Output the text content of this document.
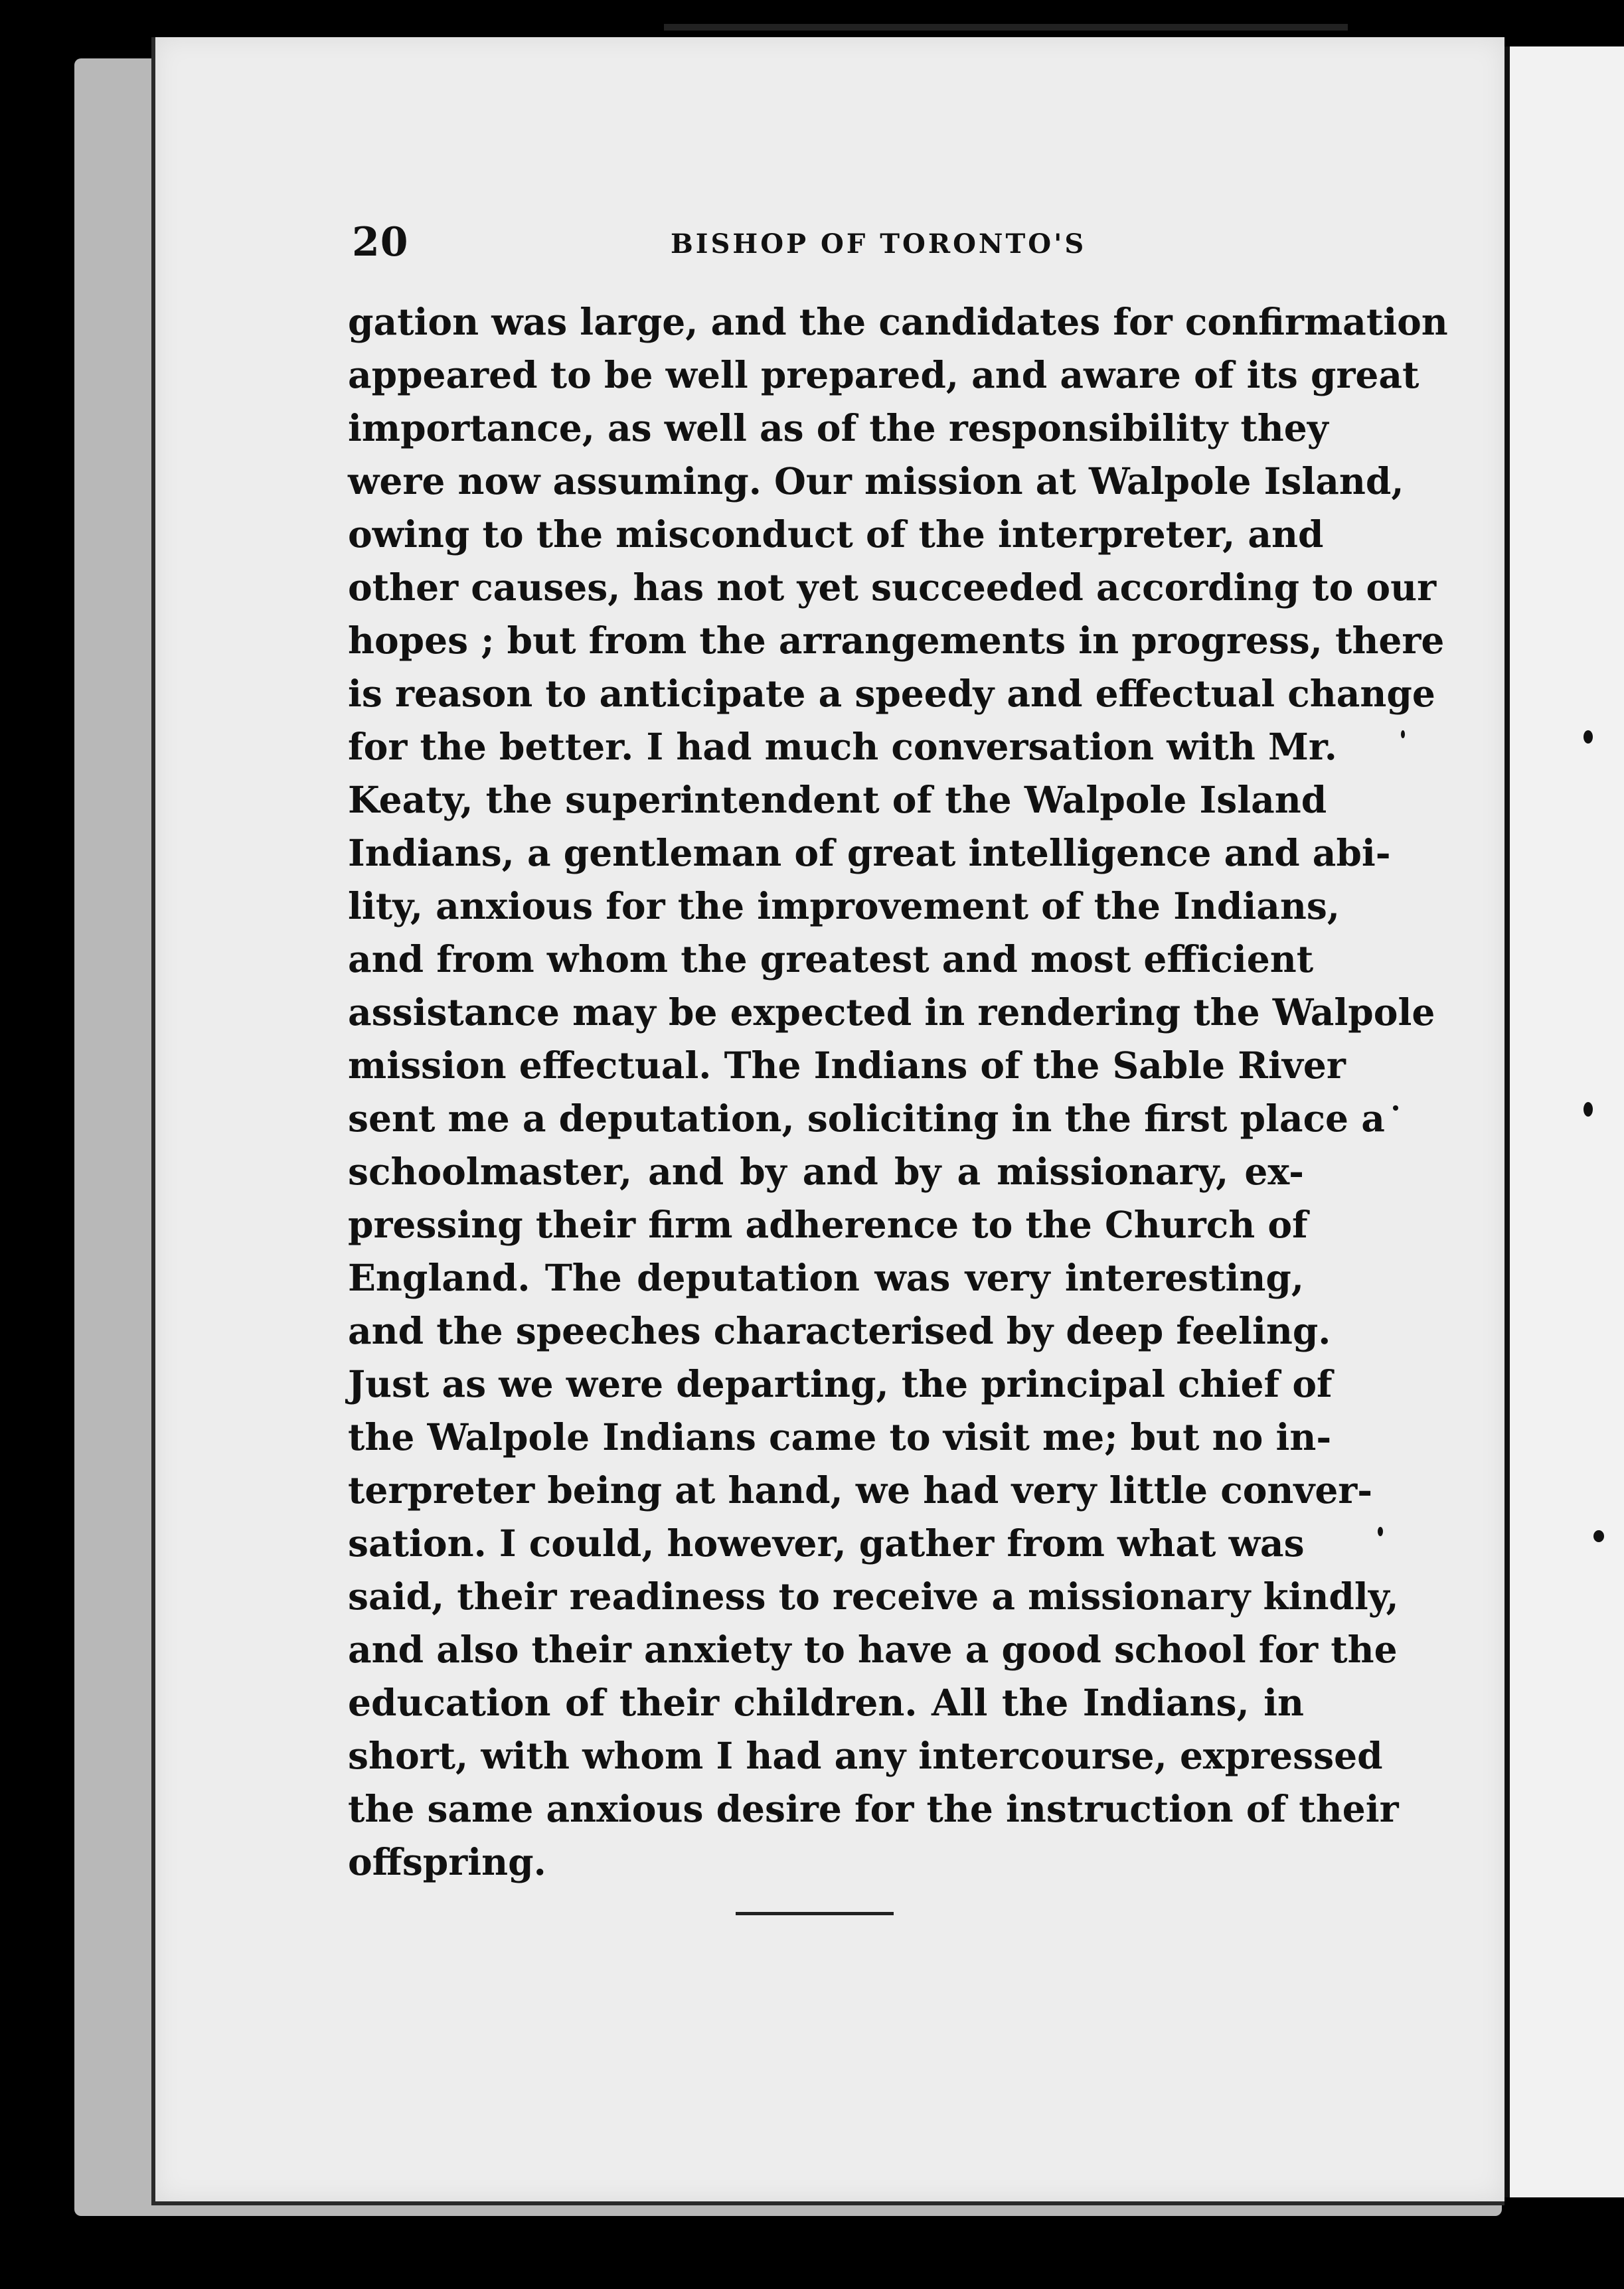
20	BISHOP OF TORONTO'S
gation was large, and the candidates for confirmation
appeared to be well prepared, and aware of its great
importance, as well as of the responsibility they
were now assuming. Our mission at Walpole Island,
owing to the misconduct of the interpreter, and
other causes, has not yet succeeded according to our
hopes ; but from the arrangements in progress, there
is reason to anticipate a speedy and effectual change
for the better. I had much conversation with Mr.
Keaty, the superintendent of the Walpole Island
Indians, a gentleman of great intelligence and abi-
lity, anxious for the improvement of the Indians,
and from whom the greatest and most efficient
assistance may be expected in rendering the Walpole
mission effectual. The Indians of the Sable River
sent me a deputation, soliciting in the first place a
schoolmaster, and by and by a missionary, ex-
pressing their firm adherence to the Church of
England. The deputation was very interesting,
and the speeches characterised by deep feeling.
Just as we were departing, the principal chief of
the Walpole Indians came to visit me; but no in-
terpreter being at hand, we had very little conver-
sation. I could, however, gather from what was
said, their readiness to receive a missionary kindly,
and also their anxiety to have a good school for the
education of their children. All the Indians, in
short, with whom I had any intercourse, expressed
the same anxious desire for the instruction of their
offspring.
